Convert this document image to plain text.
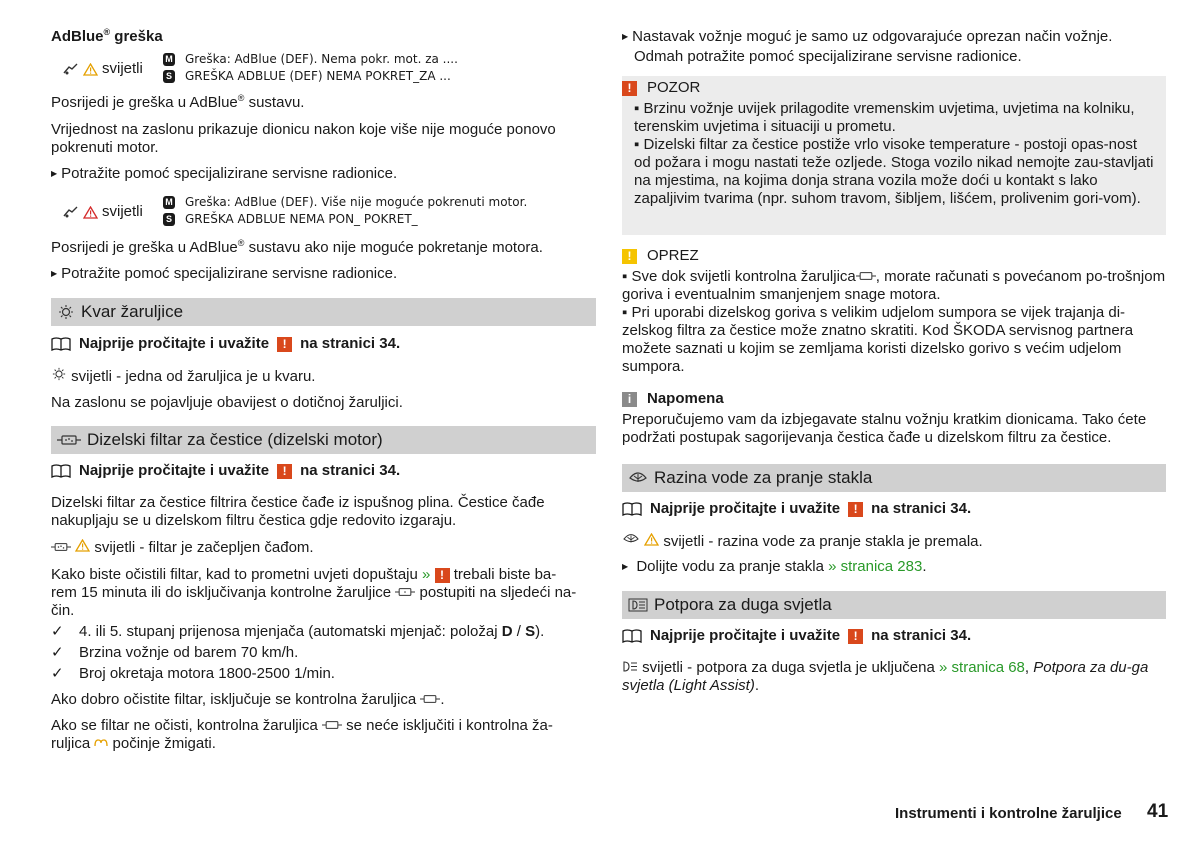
AdBlue® greška

svijetli
M Greška: AdBlue (DEF). Nema pokr. mot. za ....
S GREŠKA ADBLUE (DEF) NEMA POKRET_ZA ...

Posrijedi je greška u AdBlue® sustavu.

Vrijednost na zaslonu prikazuje dionicu nakon koje više nije moguće ponovo pokrenuti motor.

▶ Potražite pomoć specijalizirane servisne radionice.

svijetli
M Greška: AdBlue (DEF). Više nije moguće pokrenuti motor.
S GREŠKA ADBLUE NEMA PON_ POKRET_

Posrijedi je greška u AdBlue® sustavu ako nije moguće pokretanje motora.

▶ Potražite pomoć specijalizirane servisne radionice.

Kvar žaruljice
Najprije pročitajte i uvažite	! na stranici 34.

svijetli - jedna od žaruljica je u kvaru.

Na zaslonu se pojavljuje obavijest o dotičnoj žaruljici.

Dizelski filtar za čestice (dizelski motor)
Najprije pročitajte i uvažite	! na stranici 34.

Dizelski filtar za čestice filtrira čestice čađe iz ispušnog plina. Čestice čađe nakupljaju se u dizelskom filtru čestica gdje redovito izgaraju.

svijetli - filtar je začepljen čađom.

Kako biste očistili filtar, kad to prometni uvjeti dopuštaju » ! trebali biste ba-
rem 15 minuta ili do isključivanja kontrolne žaruljice postupiti na sljedeći na-
čin.
✓	4. ili 5. stupanj prijenosa mjenjača (automatski mjenjač: položaj D / S).
✓	Brzina vožnje od barem 70 km/h.
✓	Broj okretaja motora 1800-2500 1/min.

Ako dobro očistite filtar, isključuje se kontrolna žaruljica .

Ako se filtar ne očisti, kontrolna žaruljica se neće isključiti i kontrolna ža-
ruljica počinje žmigati.
▶ Nastavak vožnje moguć je samo uz odgovarajuće oprezan način vožnje.
Odmah potražite pomoć specijalizirane servisne radionice.
!	POZOR
▪ Brzinu vožnje uvijek prilagodite vremenskim uvjetima, uvjetima na kolniku, terenskim uvjetima i situaciji u prometu.
▪ Dizelski filtar za čestice postiže vrlo visoke temperature - postoji opas-nost od požara i mogu nastati teže ozljede. Stoga vozilo nikad nemojte zau-stavljati na mjestima, na kojima donja strana vozila može doći u kontakt s lako zapaljivim tvarima (npr. suhom travom, šibljem, lišćem, prolivenim gori-vom).
!	OPREZ
▪ Sve dok svijetli kontrolna žaruljica , morate računati s povećanom po-trošnjom goriva i eventualnim smanjenjem snage motora.
▪ Pri uporabi dizelskog goriva s velikim udjelom sumpora se vijek trajanja di-zelskog filtra za čestice može znatno skratiti. Kod ŠKODA servisnog partnera možete saznati u kojim se zemljama koristi dizelsko gorivo s većim udjelom sumpora.
i	Napomena
Preporučujemo vam da izbjegavate stalnu vožnju kratkim dionicama. Tako ćete podržati postupak sagorijevanja čestica čađe u dizelskom filtru za čestice.
Razina vode za pranje stakla
Najprije pročitajte i uvažite	! na stranici 34.

svijetli - razina vode za pranje stakla je premala.

▶ Dolijte vodu za pranje stakla » stranica 283.

Potpora za duga svjetla
Najprije pročitajte i uvažite	! na stranici 34.

svijetli - potpora za duga svjetla je uključena » stranica 68, Potpora za du-ga svjetla (Light Assist).

Instrumenti i kontrolne žaruljice 41
